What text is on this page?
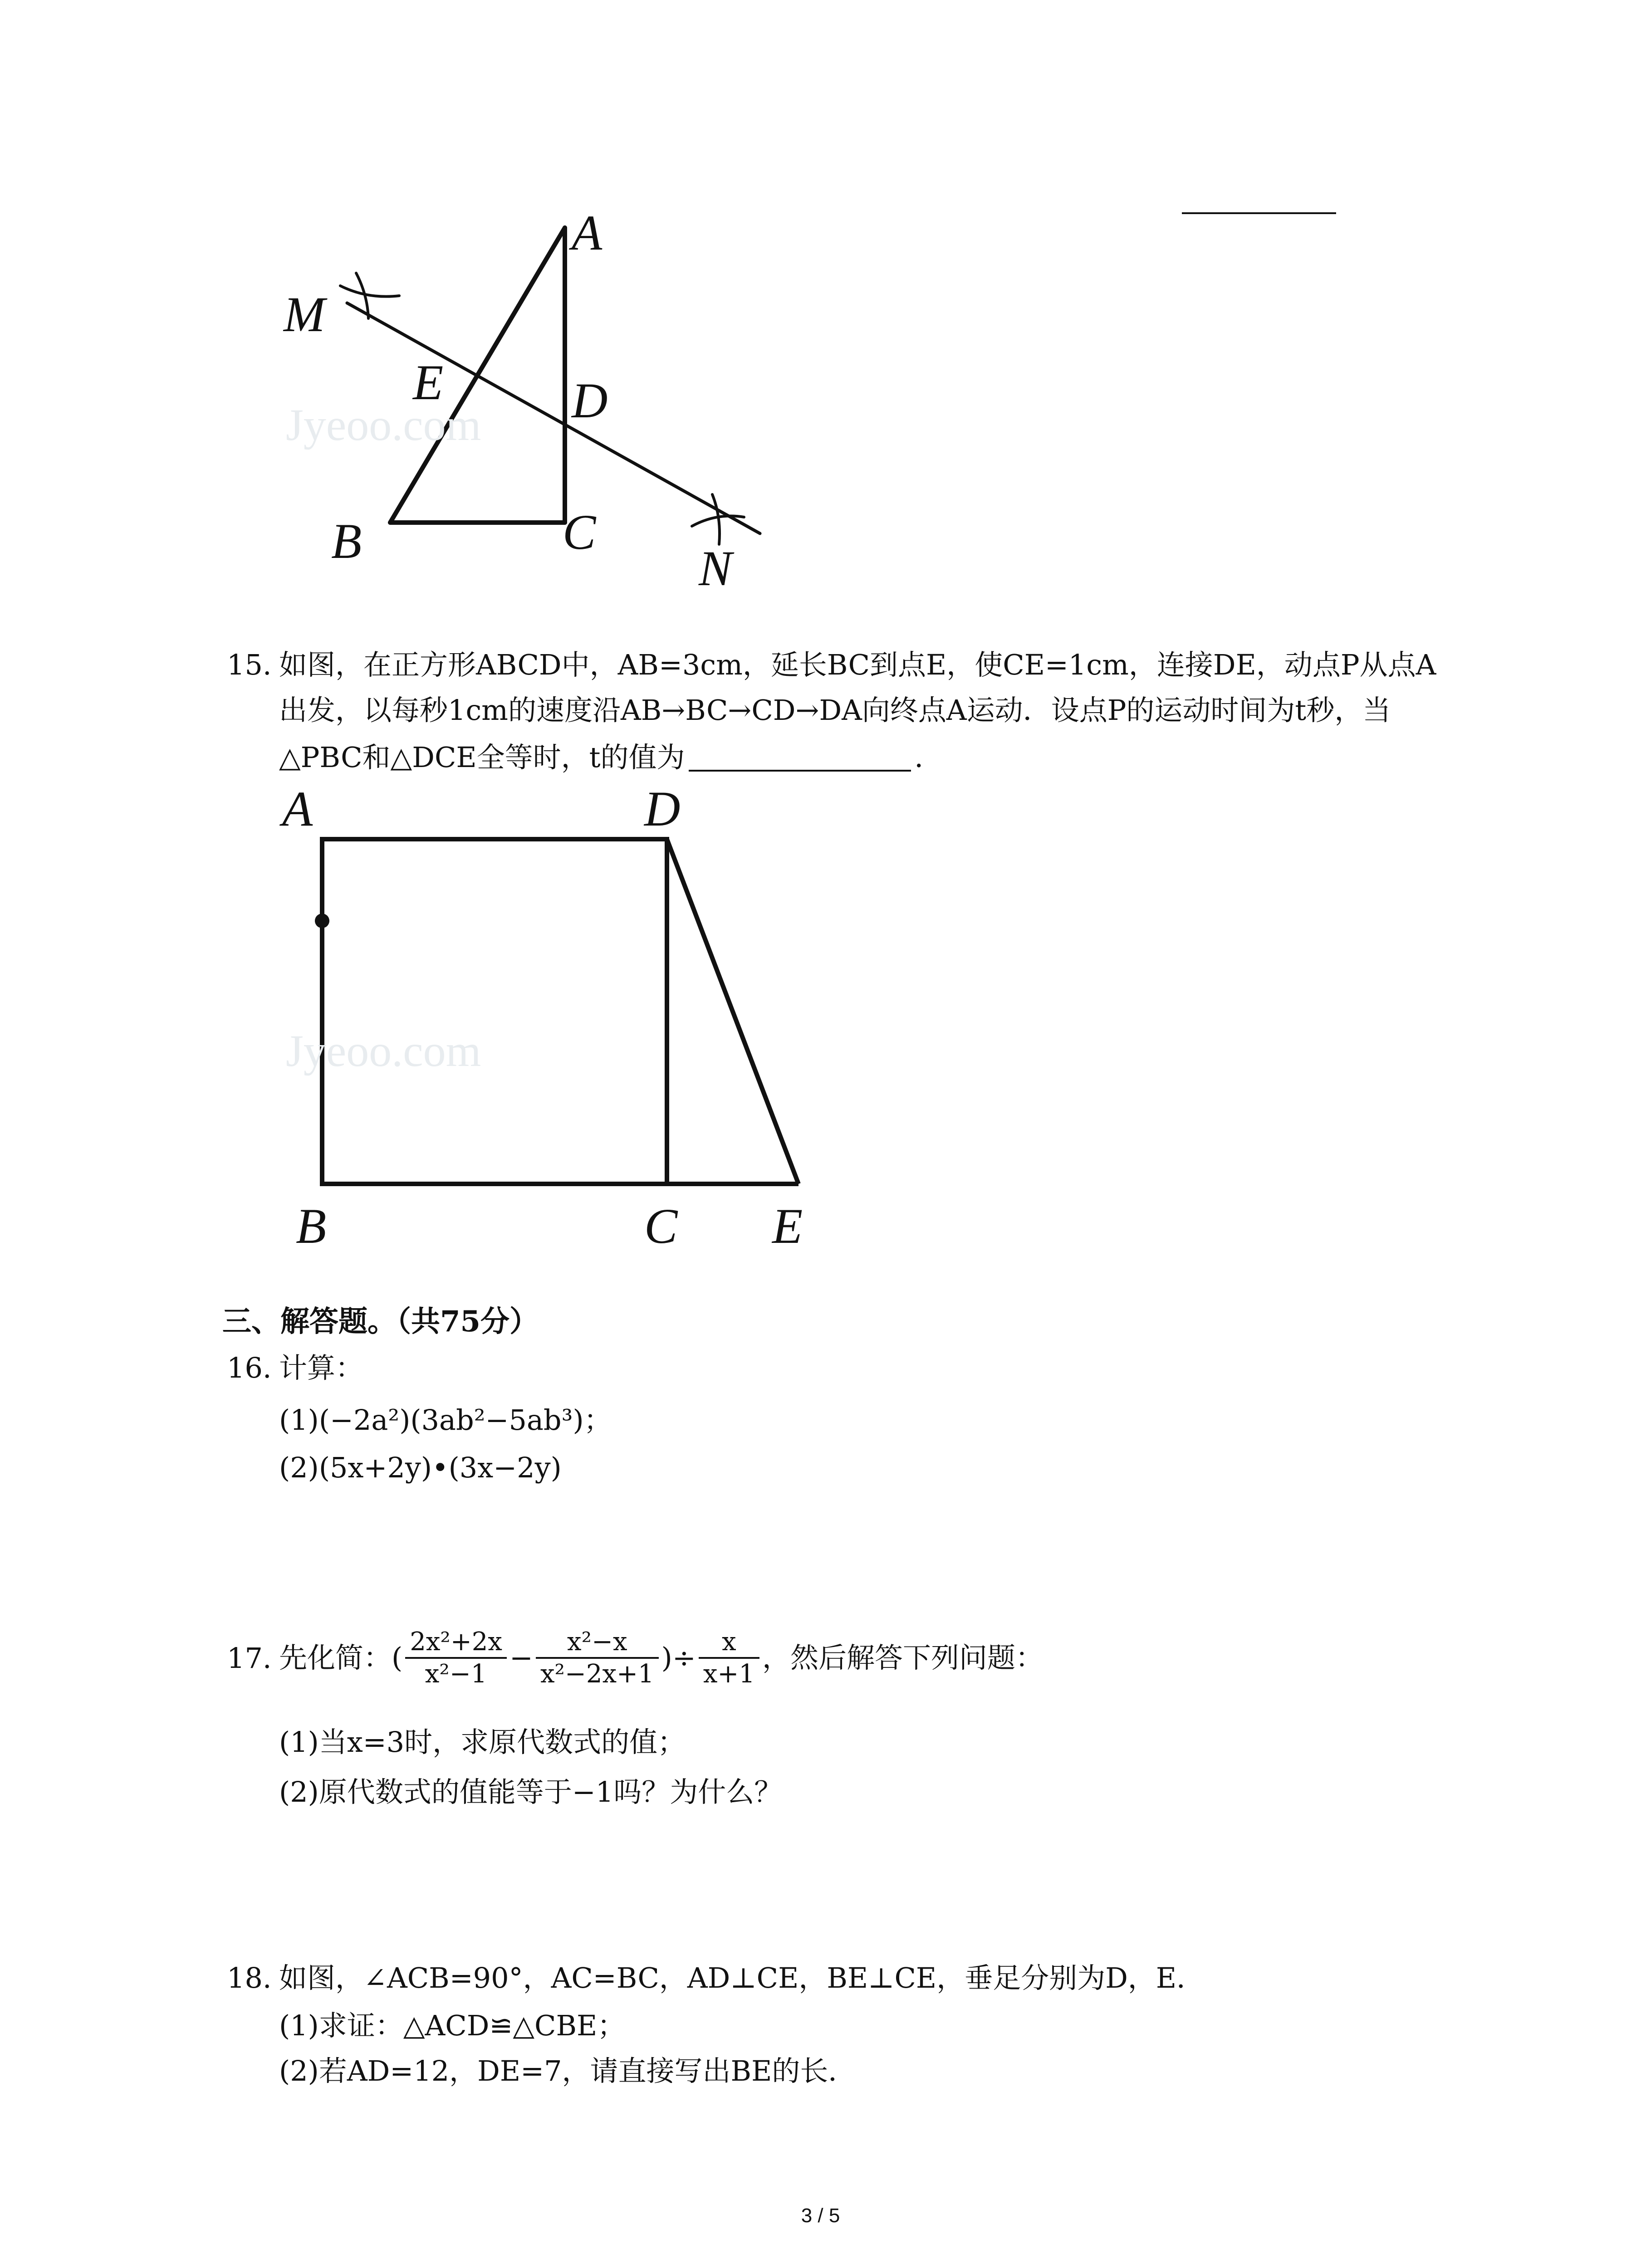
Jyeoo.com
A
M
E	D
B	C
N
15. 如图，在正方形ABCD中，AB=3cm，延长BC到点E，使CE=1cm，连接DE，动点P从点A
出发，以每秒1cm的速度沿AB→BC→CD→DA向终点A运动．设点P的运动时间为t秒，当
△PBC和△DCE全等时，t的值为	．
Jyeoo.com
A	D
B	C E
三、解答题。（共75分）
16. 计算：
(1)(−2a²)(3ab²−5ab³)；
(2)(5x+2y)•(3x−2y)
17. 先化简：( $\frac{\text{2x²+2x}}{\text{x²−1}} - \frac{\text{x²−x}}{\text{x²−2x+1}}$ )÷ $\frac{x}{x+1}$ ，然后解答下列问题：
(1)当x=3时，求原代数式的值；
(2)原代数式的值能等于−1吗？为什么？
18. 如图，∠ACB=90°，AC=BC，AD⊥CE，BE⊥CE，垂足分别为D，E．
(1)求证：△ACD≌△CBE；
(2)若AD=12，DE=7，请直接写出BE的长．
3 / 5
